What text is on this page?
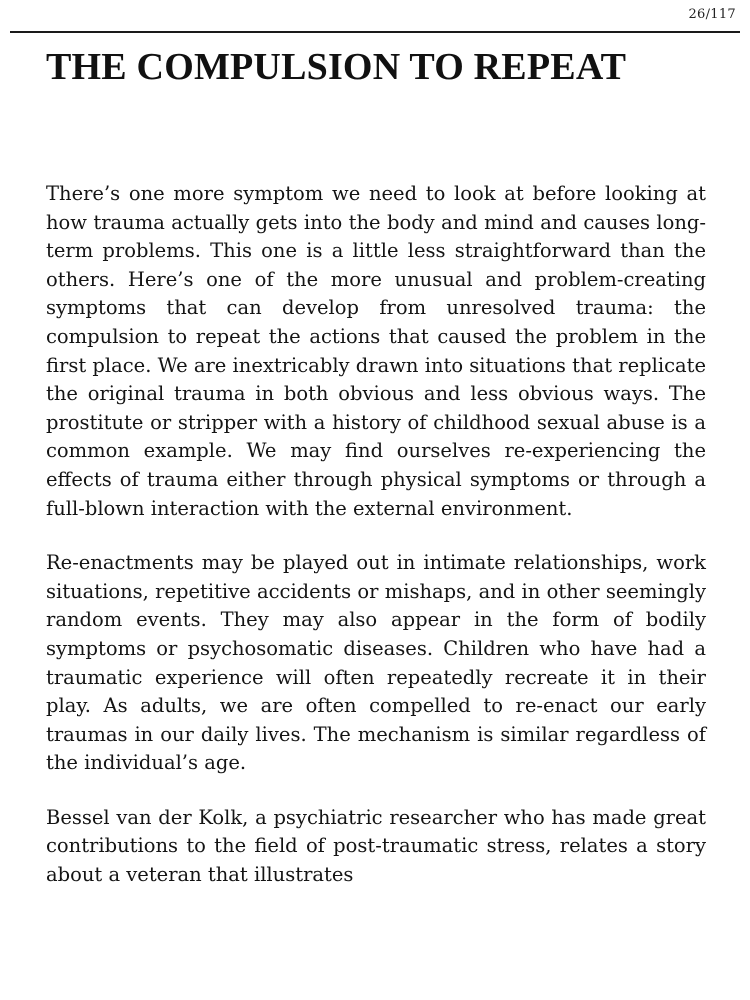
26/117
THE COMPULSION TO REPEAT

There’s one more symptom we need to look at before looking at how trauma actually gets into the body and mind and causes long-term problems. This one is a little less straightforward than the others. Here’s one of the more unusual and problem-creating symptoms that can develop from unresolved trauma: the compulsion to repeat the actions that caused the problem in the first place. We are inextricably drawn into situations that replicate the original trauma in both obvious and less obvious ways. The prostitute or stripper with a history of childhood sexual abuse is a common example. We may find ourselves re-experiencing the effects of trauma either through physical symptoms or through a full-blown interaction with the external environment.

Re-enactments may be played out in intimate relationships, work situations, repetitive accidents or mishaps, and in other seemingly random events. They may also appear in the form of bodily symptoms or psychosomatic diseases. Children who have had a traumatic experience will often repeatedly recreate it in their play. As adults, we are often compelled to re-enact our early traumas in our daily lives. The mechanism is similar regardless of the individual’s age.

Bessel van der Kolk, a psychiatric researcher who has made great contributions to the field of post-traumatic stress, relates a story about a veteran that illustrates
